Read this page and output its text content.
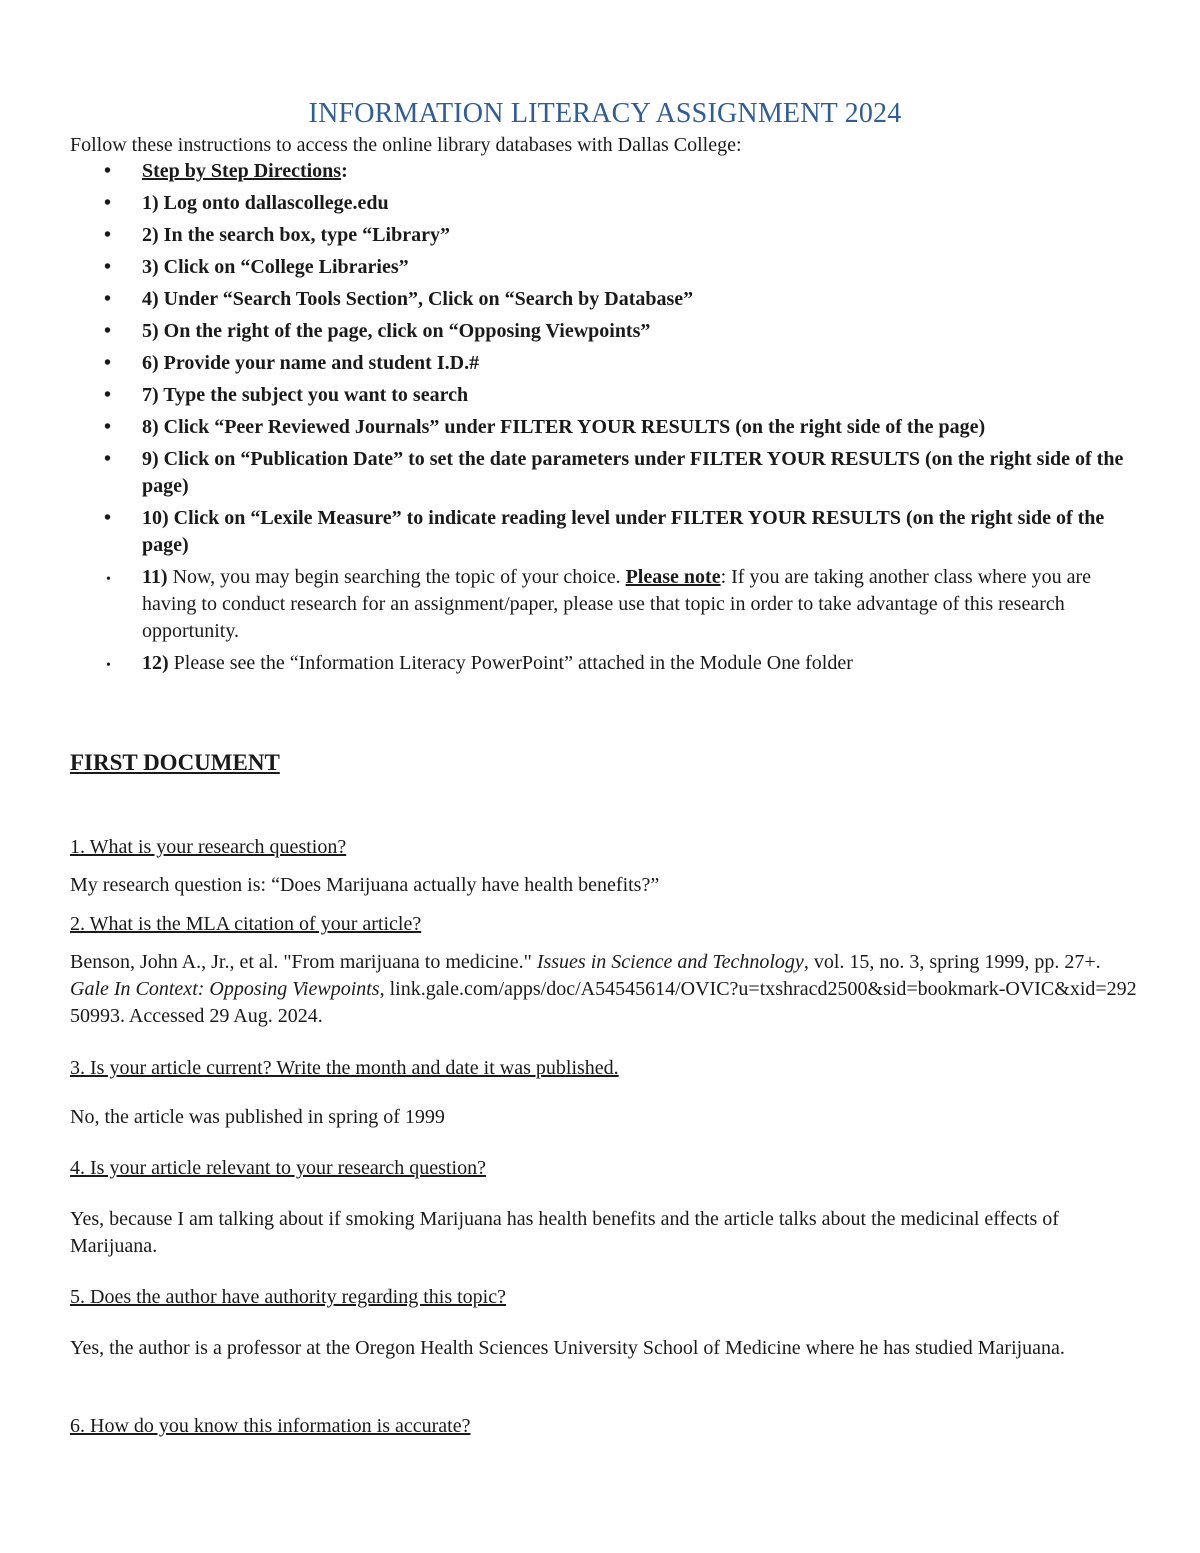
INFORMATION LITERACY ASSIGNMENT 2024

Follow these instructions to access the online library databases with Dallas College:

• Step by Step Directions:
• 1) Log onto dallascollege.edu
• 2) In the search box, type “Library”
• 3) Click on “College Libraries”
• 4) Under “Search Tools Section”, Click on “Search by Database”
• 5) On the right of the page, click on “Opposing Viewpoints”
• 6) Provide your name and student I.D.#
• 7) Type the subject you want to search
• 8) Click “Peer Reviewed Journals” under FILTER YOUR RESULTS (on the right side of the page)
• 9) Click on “Publication Date” to set the date parameters under FILTER YOUR RESULTS (on the right side of the page)
• 10) Click on “Lexile Measure” to indicate reading level under FILTER YOUR RESULTS (on the right side of the page)
• 11) Now, you may begin searching the topic of your choice. Please note: If you are taking another class where you are having to conduct research for an assignment/paper, please use that topic in order to take advantage of this research opportunity.
• 12) Please see the “Information Literacy PowerPoint” attached in the Module One folder
FIRST DOCUMENT
1. What is your research question?

My research question is: “Does Marijuana actually have health benefits?”

2. What is the MLA citation of your article?

Benson, John A., Jr., et al. "From marijuana to medicine." Issues in Science and Technology, vol. 15, no. 3, spring 1999, pp. 27+. Gale In Context: Opposing Viewpoints, link.gale.com/apps/doc/A54545614/OVIC?u=txshracd2500&sid=bookmark-OVIC&xid=29250993. Accessed 29 Aug. 2024.

3. Is your article current? Write the month and date it was published.

No, the article was published in spring of 1999

4. Is your article relevant to your research question?

Yes, because I am talking about if smoking Marijuana has health benefits and the article talks about the medicinal effects of Marijuana.

5. Does the author have authority regarding this topic?

Yes, the author is a professor at the Oregon Health Sciences University School of Medicine where he has studied Marijuana.

6. How do you know this information is accurate?
